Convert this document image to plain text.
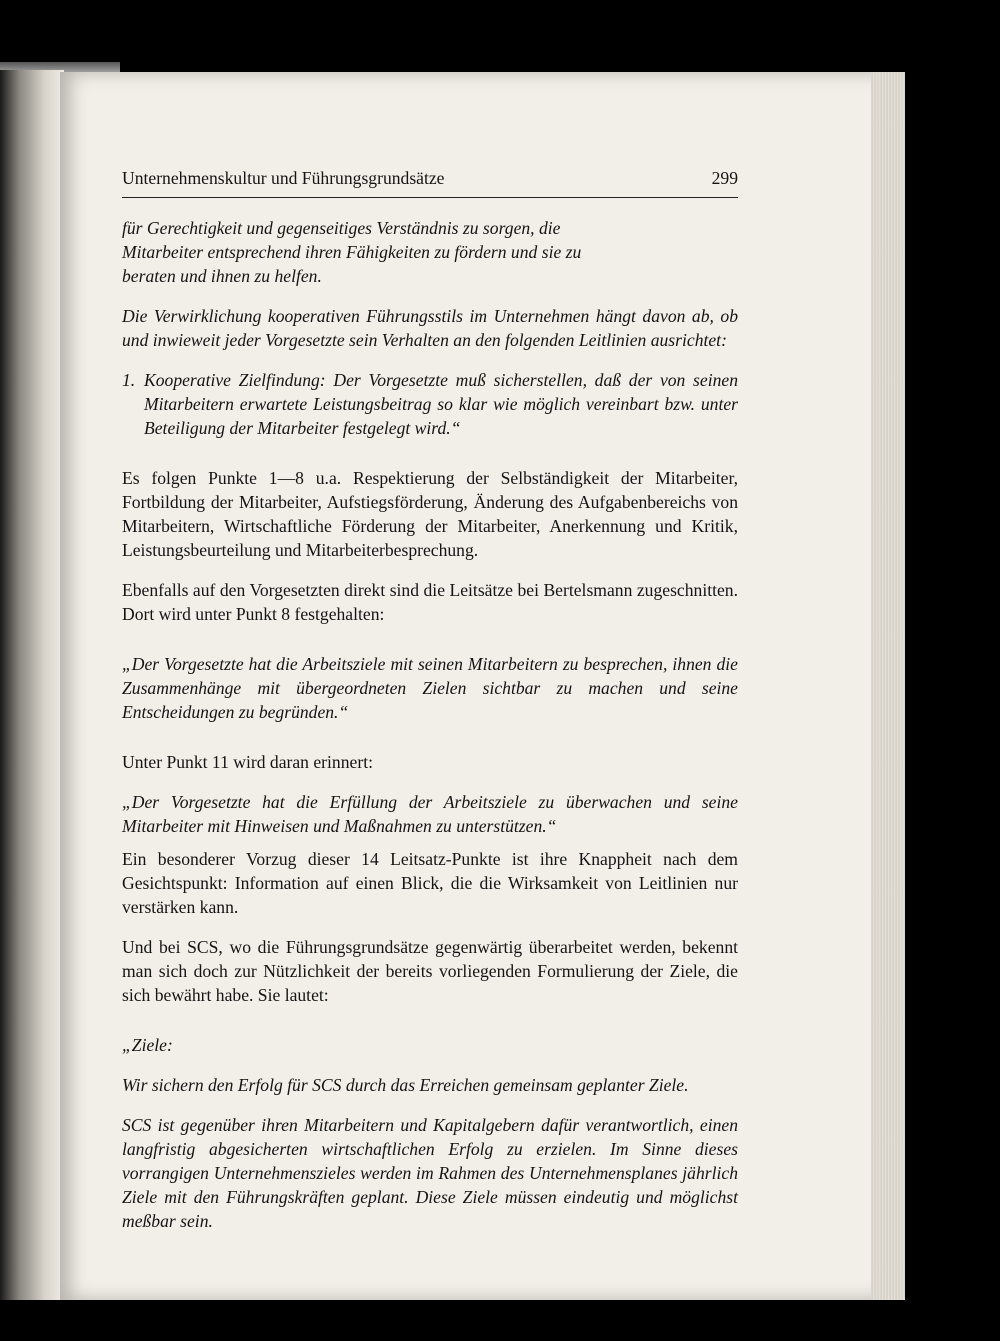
Unternehmenskultur und Führungsgrundsätze	299

für Gerechtigkeit und gegenseitiges Verständnis zu sorgen, die Mitarbeiter entsprechend ihren Fähigkeiten zu fördern und sie zu beraten und ihnen zu helfen.

Die Verwirklichung kooperativen Führungsstils im Unternehmen hängt davon ab, ob und inwieweit jeder Vorgesetzte sein Verhalten an den folgenden Leitlinien ausrichtet:

1. Kooperative Zielfindung: Der Vorgesetzte muß sicherstellen, daß der von seinen Mitarbeitern erwartete Leistungsbeitrag so klar wie möglich vereinbart bzw. unter Beteiligung der Mitarbeiter festgelegt wird.“

Es folgen Punkte 1—8 u.a. Respektierung der Selbständigkeit der Mitarbeiter, Fortbildung der Mitarbeiter, Aufstiegsförderung, Änderung des Aufgabenbereichs von Mitarbeitern, Wirtschaftliche Förderung der Mitarbeiter, Anerkennung und Kritik, Leistungsbeurteilung und Mitarbeiterbesprechung.

Ebenfalls auf den Vorgesetzten direkt sind die Leitsätze bei Bertelsmann zugeschnitten. Dort wird unter Punkt 8 festgehalten:

„Der Vorgesetzte hat die Arbeitsziele mit seinen Mitarbeitern zu besprechen, ihnen die Zusammenhänge mit übergeordneten Zielen sichtbar zu machen und seine Entscheidungen zu begründen.“

Unter Punkt 11 wird daran erinnert:

„Der Vorgesetzte hat die Erfüllung der Arbeitsziele zu überwachen und seine Mitarbeiter mit Hinweisen und Maßnahmen zu unterstützen.“

Ein besonderer Vorzug dieser 14 Leitsatz-Punkte ist ihre Knappheit nach dem Gesichtspunkt: Information auf einen Blick, die die Wirksamkeit von Leitlinien nur verstärken kann.

Und bei SCS, wo die Führungsgrundsätze gegenwärtig überarbeitet werden, bekennt man sich doch zur Nützlichkeit der bereits vorliegenden Formulierung der Ziele, die sich bewährt habe. Sie lautet:

„Ziele:

Wir sichern den Erfolg für SCS durch das Erreichen gemeinsam geplanter Ziele.

SCS ist gegenüber ihren Mitarbeitern und Kapitalgebern dafür verantwortlich, einen langfristig abgesicherten wirtschaftlichen Erfolg zu erzielen. Im Sinne dieses vorrangigen Unternehmenszieles werden im Rahmen des Unternehmensplanes jährlich Ziele mit den Führungskräften geplant. Diese Ziele müssen eindeutig und möglichst meßbar sein.
